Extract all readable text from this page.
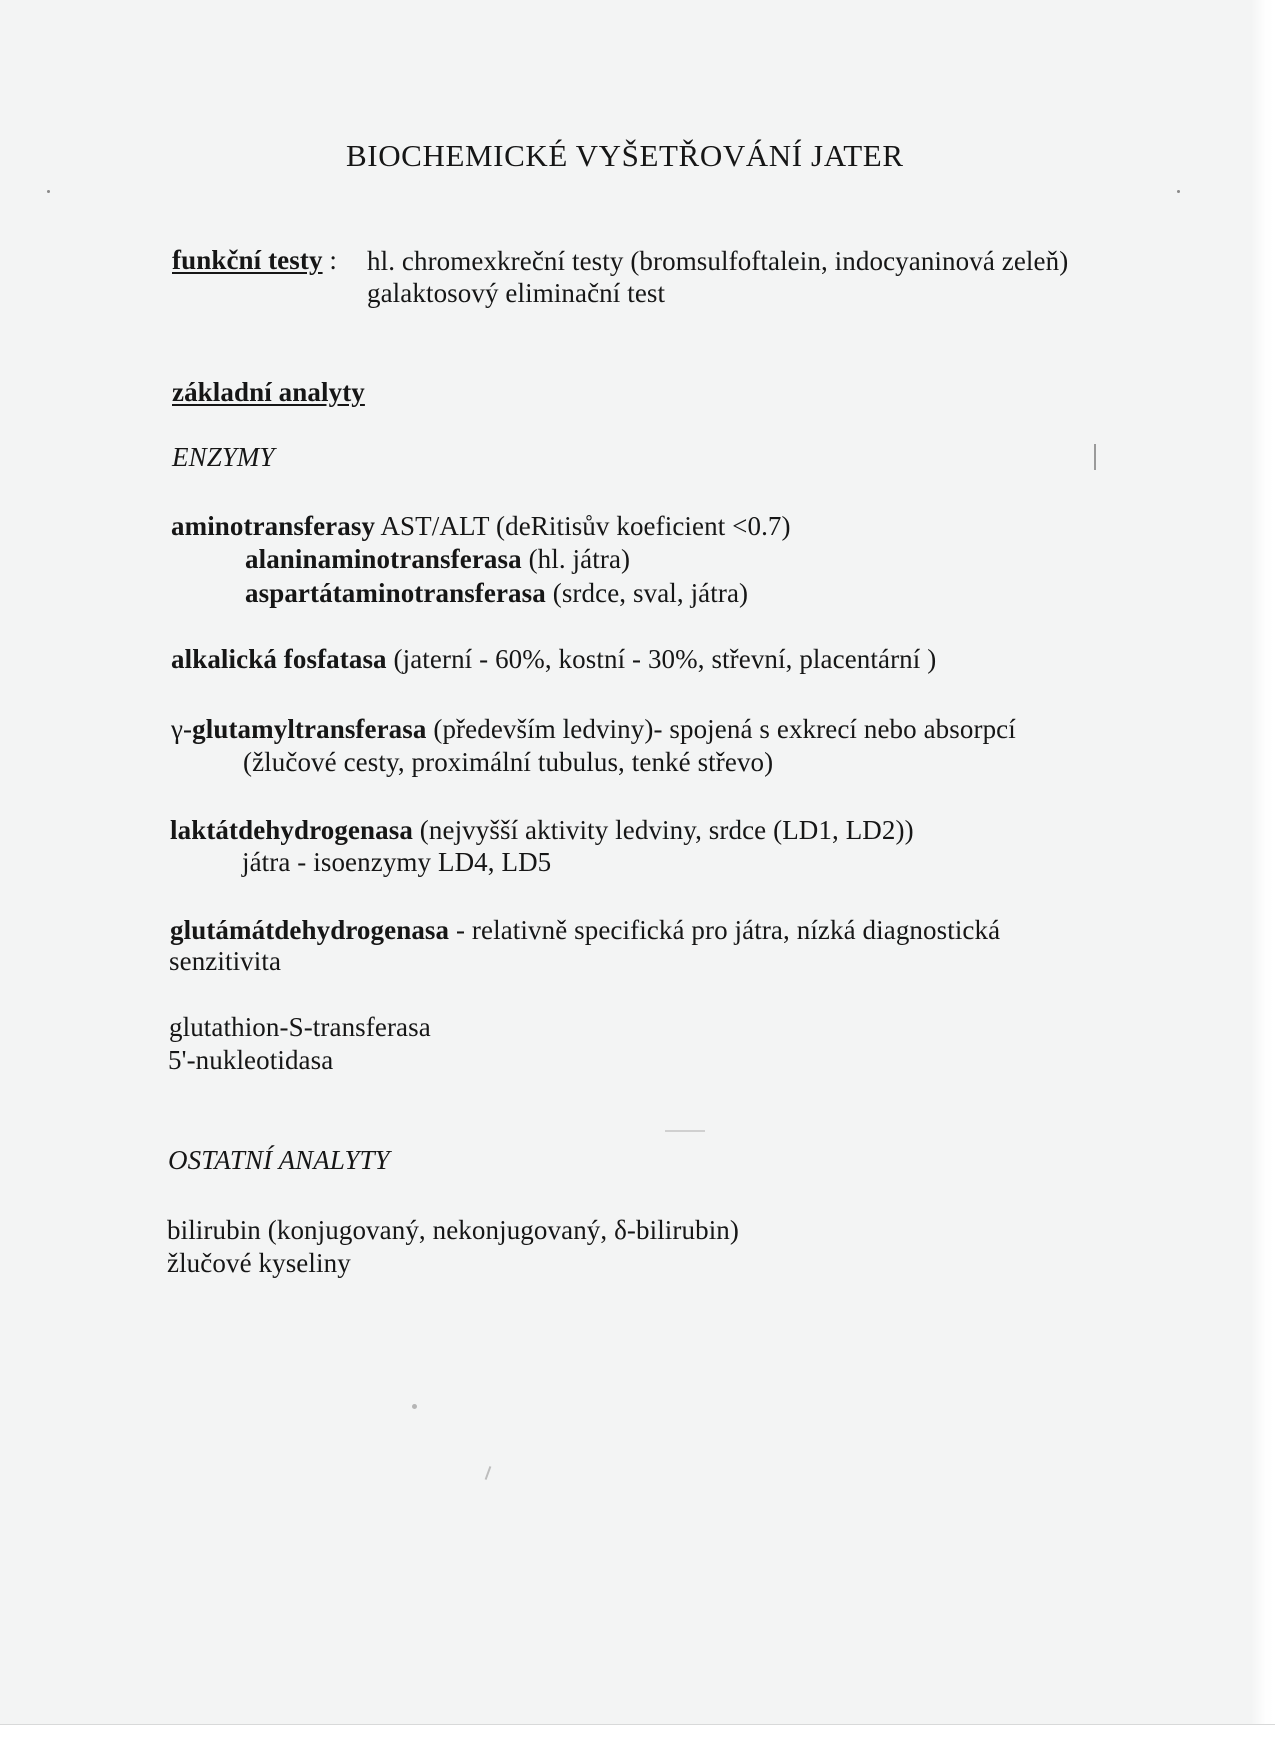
BIOCHEMICKÉ VYŠETŘOVÁNÍ JATER
funkční testy : hl. chromexkreční testy (bromsulfoftalein, indocyaninová zeleň)
galaktosový eliminační test
základní analyty
ENZYMY
aminotransferasy AST/ALT (deRitisův koeficient <0.7)
alaninaminotransferasa (hl. játra)
aspartátaminotransferasa (srdce, sval, játra)
alkalická fosfatasa (jaterní - 60%, kostní - 30%, střevní, placentární )
γ-glutamyltransferasa (především ledviny)- spojená s exkrecí nebo absorpcí
(žlučové cesty, proximální tubulus, tenké střevo)
laktátdehydrogenasa (nejvyšší aktivity ledviny, srdce (LD1, LD2))
játra - isoenzymy LD4, LD5
glutámátdehydrogenasa - relativně specifická pro játra, nízká diagnostická
senzitivita
glutathion-S-transferasa
5'-nukleotidasa
OSTATNÍ ANALYTY
bilirubin (konjugovaný, nekonjugovaný, δ-bilirubin)
žlučové kyseliny
